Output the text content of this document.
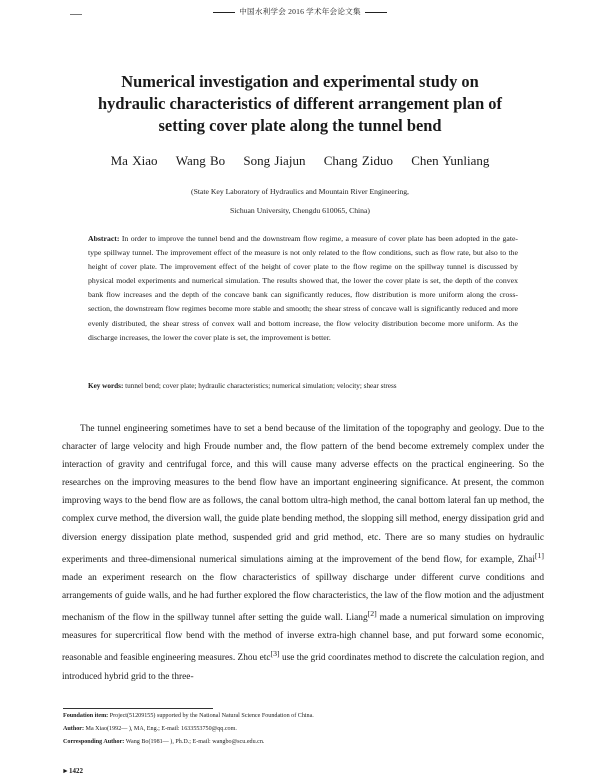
中国水利学会 2016 学术年会论文集
Numerical investigation and experimental study on
hydraulic characteristics of different arrangement plan of
setting cover plate along the tunnel bend
Ma Xiao Wang Bo Song Jiajun Chang Ziduo Chen Yunliang
(State Key Laboratory of Hydraulics and Mountain River Engineering,
Sichuan University, Chengdu 610065, China)
Abstract: In order to improve the tunnel bend and the downstream flow regime, a measure of cover plate has been adopted in the gate-type spillway tunnel. The improvement effect of the measure is not only related to the flow conditions, such as flow rate, but also to the height of cover plate. The improvement effect of the height of cover plate to the flow regime on the spillway tunnel is discussed by physical model experiments and numerical simulation. The results showed that, the lower the cover plate is set, the depth of the convex bank flow increases and the depth of the concave bank can significantly reduces, flow distribution is more uniform along the cross-section, the downstream flow regimes become more stable and smooth; the shear stress of concave wall is significantly reduced and more evenly distributed, the shear stress of convex wall and bottom increase, the flow velocity distribution become more uniform. As the discharge increases, the lower the cover plate is set, the improvement is better.
Key words: tunnel bend; cover plate; hydraulic characteristics; numerical simulation; velocity; shear stress
The tunnel engineering sometimes have to set a bend because of the limitation of the topography and geology. Due to the character of large velocity and high Froude number and, the flow pattern of the bend become extremely complex under the interaction of gravity and centrifugal force, and this will cause many adverse effects on the practical engineering. So the researches on the improving measures to the bend flow have an important engineering significance. At present, the common improving ways to the bend flow are as follows, the canal bottom ultra-high method, the canal bottom lateral fan up method, the complex curve method, the diversion wall, the guide plate bending method, the slopping sill method, energy dissipation grid and diversion energy dissipation plate method, suspended grid and grid method, etc. There are so many studies on hydraulic experiments and three-dimensional numerical simulations aiming at the improvement of the bend flow, for example, Zhai[1] made an experiment research on the flow characteristics of spillway discharge under different curve conditions and arrangements of guide walls, and he had further explored the flow characteristics, the law of the flow motion and the adjustment mechanism of the flow in the spillway tunnel after setting the guide wall. Liang[2] made a numerical simulation on improving measures for supercritical flow bend with the method of inverse extra-high channel base, and put forward some economic, reasonable and feasible engineering measures. Zhou etc[3] use the grid coordinates method to discrete the calculation region, and introduced hybrid grid to the three-
Foundation item: Project(51209155) supported by the National Natural Science Foundation of China.
Author: Ma Xiao(1992— ), MA, Eng.; E-mail: 1633553750@qq.com.
Corresponding Author: Wang Bo(1981— ), Ph.D.; E-mail: wangbo@scu.edu.cn.
►1422
